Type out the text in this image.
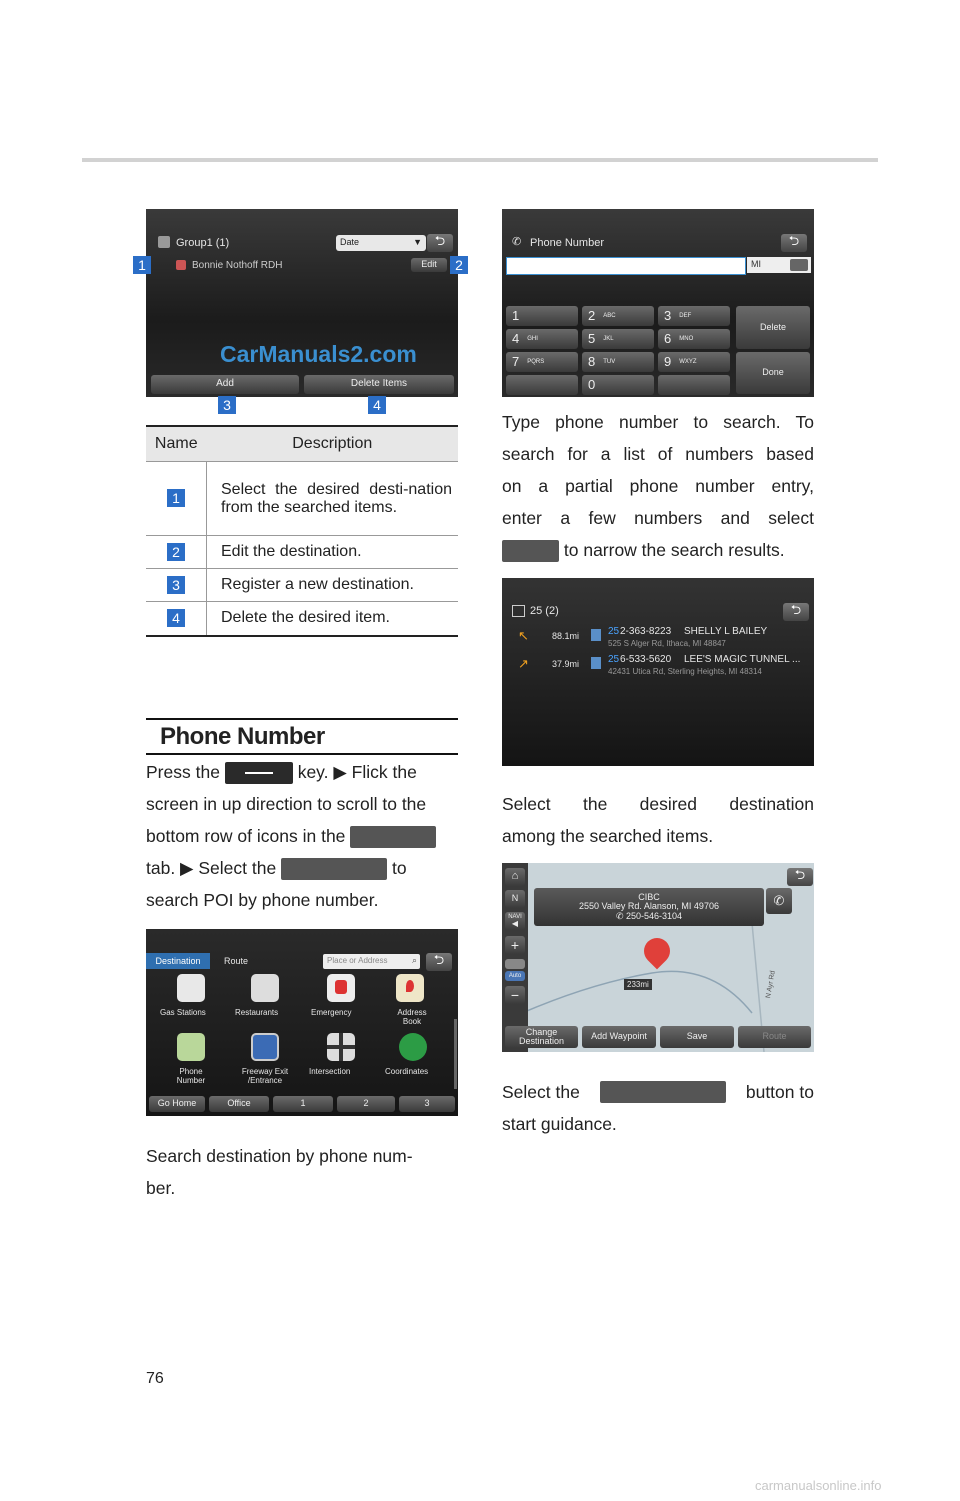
Group1 (1)	Date	▼ ⮌
Bonnie Nothoff RDH	Edit
CarManuals2.com
Add	Delete Items
1	2
3	4
Name	Description
1	Select the desired desti-nation from the searched items.
2	Edit the destination.
3	Register a new destination.
4	Delete the desired item.
Phone Number
Press the	key. ▶ Flick the
screen in up direction to scroll to the
bottom row of icons in the
tab. ▶ Select the	to
search POI by phone number.
Destination	Route	Place or Address	⌕	⮌
Gas Stations	Restaurants	Emergency	Address Book
Phone Number
Freeway Exit /Entrance
Intersection	Coordinates
Go Home	Office	1	2	3
Search destination by phone num-
ber.
✆ Phone Number	⮌
MI
1	2 ABC	3 DEF
4 GHI	5 JKL	6 MNO
7 PQRS	8 TUV	9 WXYZ
0
Delete
Done
Type phone number to search. To
search for a list of numbers based
on a partial phone number entry,
enter a few numbers and select
to narrow the search results.
25 (2)	⮌
↖	88.1mi	25 2-363-8223 SHELLY L BAILEY
525 S Alger Rd, Ithaca, MI 48847
↗	37.9mi	25 6-533-5620 LEE'S MAGIC TUNNEL ...
42431 Utica Rd, Sterling Heights, MI 48314
Select the desired destination
among the searched items.
⌂
N
NAVI
◀
+
Auto
−
CIBC
2550 Valley Rd. Alanson, MI 49706
✆ 250-546-3104
✆
⮌
233mi	N Ayr Rd
Change Destination	Add Waypoint	Save	Route
Select the	button to
start guidance.
76
carmanualsonline.info
